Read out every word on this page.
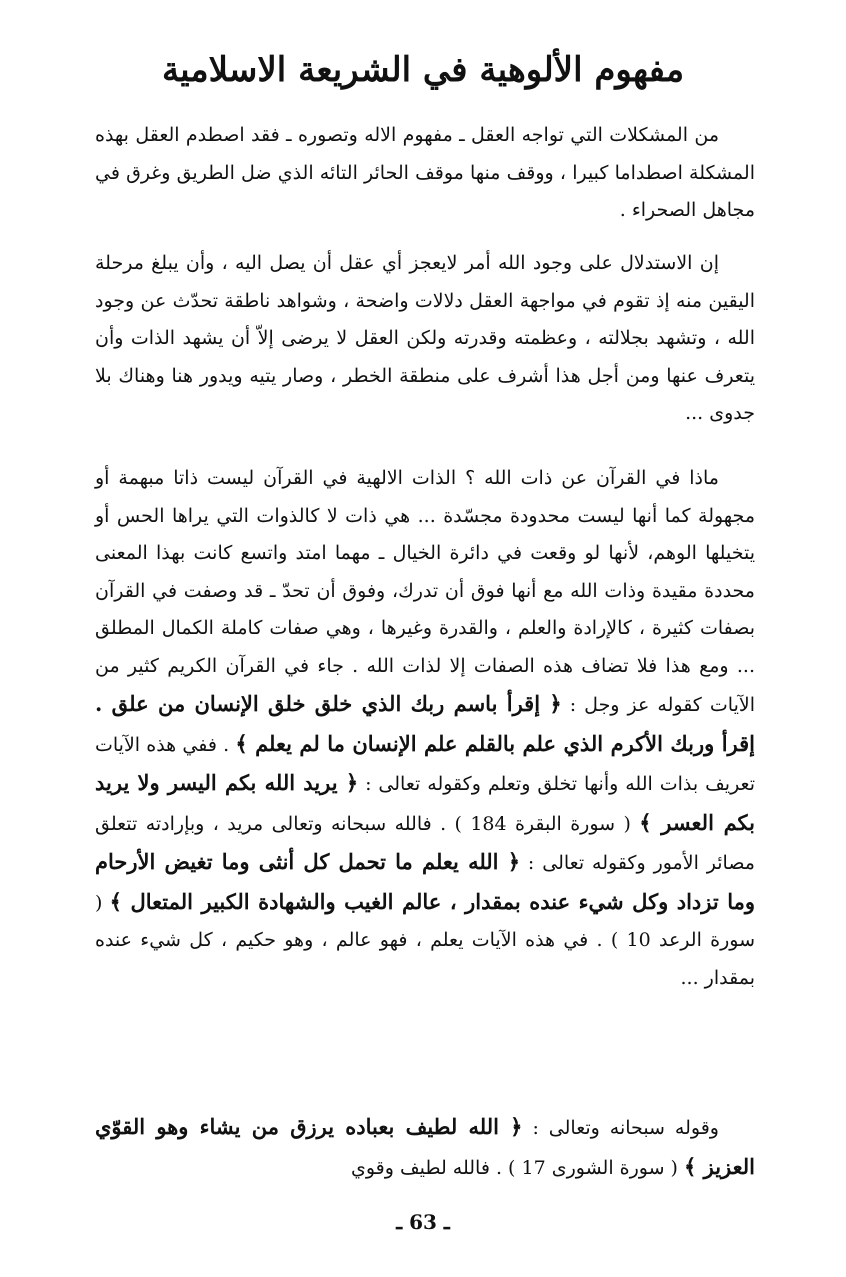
مفهوم الألوهية في الشريعة الاسلامية
من المشكلات التي تواجه العقل ـ مفهوم الاله وتصوره ـ فقد اصطدم العقل بهذه المشكلة اصطداما كبيرا ، ووقف منها موقف الحائر التائه الذي ضل الطريق وغرق في مجاهل الصحراء .
إن الاستدلال على وجود الله أمر لايعجز أي عقل أن يصل اليه ، وأن يبلغ مرحلة اليقين منه إذ تقوم في مواجهة العقل دلالات واضحة ، وشواهد ناطقة تحدّث عن وجود الله ، وتشهد بجلالته ، وعظمته وقدرته ولكن العقل لا يرضى إلاّ أن يشهد الذات وأن يتعرف عنها ومن أجل هذا أشرف على منطقة الخطر ، وصار يتيه ويدور هنا وهناك بلا جدوى ...
ماذا في القرآن عن ذات الله ؟ الذات الالهية في القرآن ليست ذاتا مبهمة أو مجهولة كما أنها ليست محدودة مجسّدة ... هي ذات لا كالذوات التي يراها الحس أو يتخيلها الوهم، لأنها لو وقعت في دائرة الخيال ـ مهما امتد واتسع كانت بهذا المعنى محددة مقيدة وذات الله مع أنها فوق أن تدرك، وفوق أن تحدّ ـ قد وصفت في القرآن بصفات كثيرة ، كالإرادة والعلم ، والقدرة وغيرها ، وهي صفات كاملة الكمال المطلق ... ومع هذا فلا تضاف هذه الصفات إلا لذات الله . جاء في القرآن الكريم كثير من الآيات كقوله عز وجل : ﴿ إقرأ باسم ربك الذي خلق خلق الإنسان من علق . إقرأ وربك الأكرم الذي علم بالقلم علم الإنسان ما لم يعلم ﴾ . ففي هذه الآيات تعريف بذات الله وأنها تخلق وتعلم وكقوله تعالى : ﴿ يريد الله بكم اليسر ولا يريد بكم العسر ﴾ ( سورة البقرة 184 ) . فالله سبحانه وتعالى مريد ، وبإرادته تتعلق مصائر الأمور وكقوله تعالى : ﴿ الله يعلم ما تحمل كل أنثى وما تغيض الأرحام وما تزداد وكل شيء عنده بمقدار ، عالم الغيب والشهادة الكبير المتعال ﴾ ( سورة الرعد 10 ) . في هذه الآيات يعلم ، فهو عالم ، وهو حكيم ، كل شيء عنده بمقدار ...
وقوله سبحانه وتعالى : ﴿ الله لطيف بعباده يرزق من يشاء وهو القوّي العزيز ﴾ ( سورة الشورى 17 ) . فالله لطيف وقوي
ـ 63 ـ
